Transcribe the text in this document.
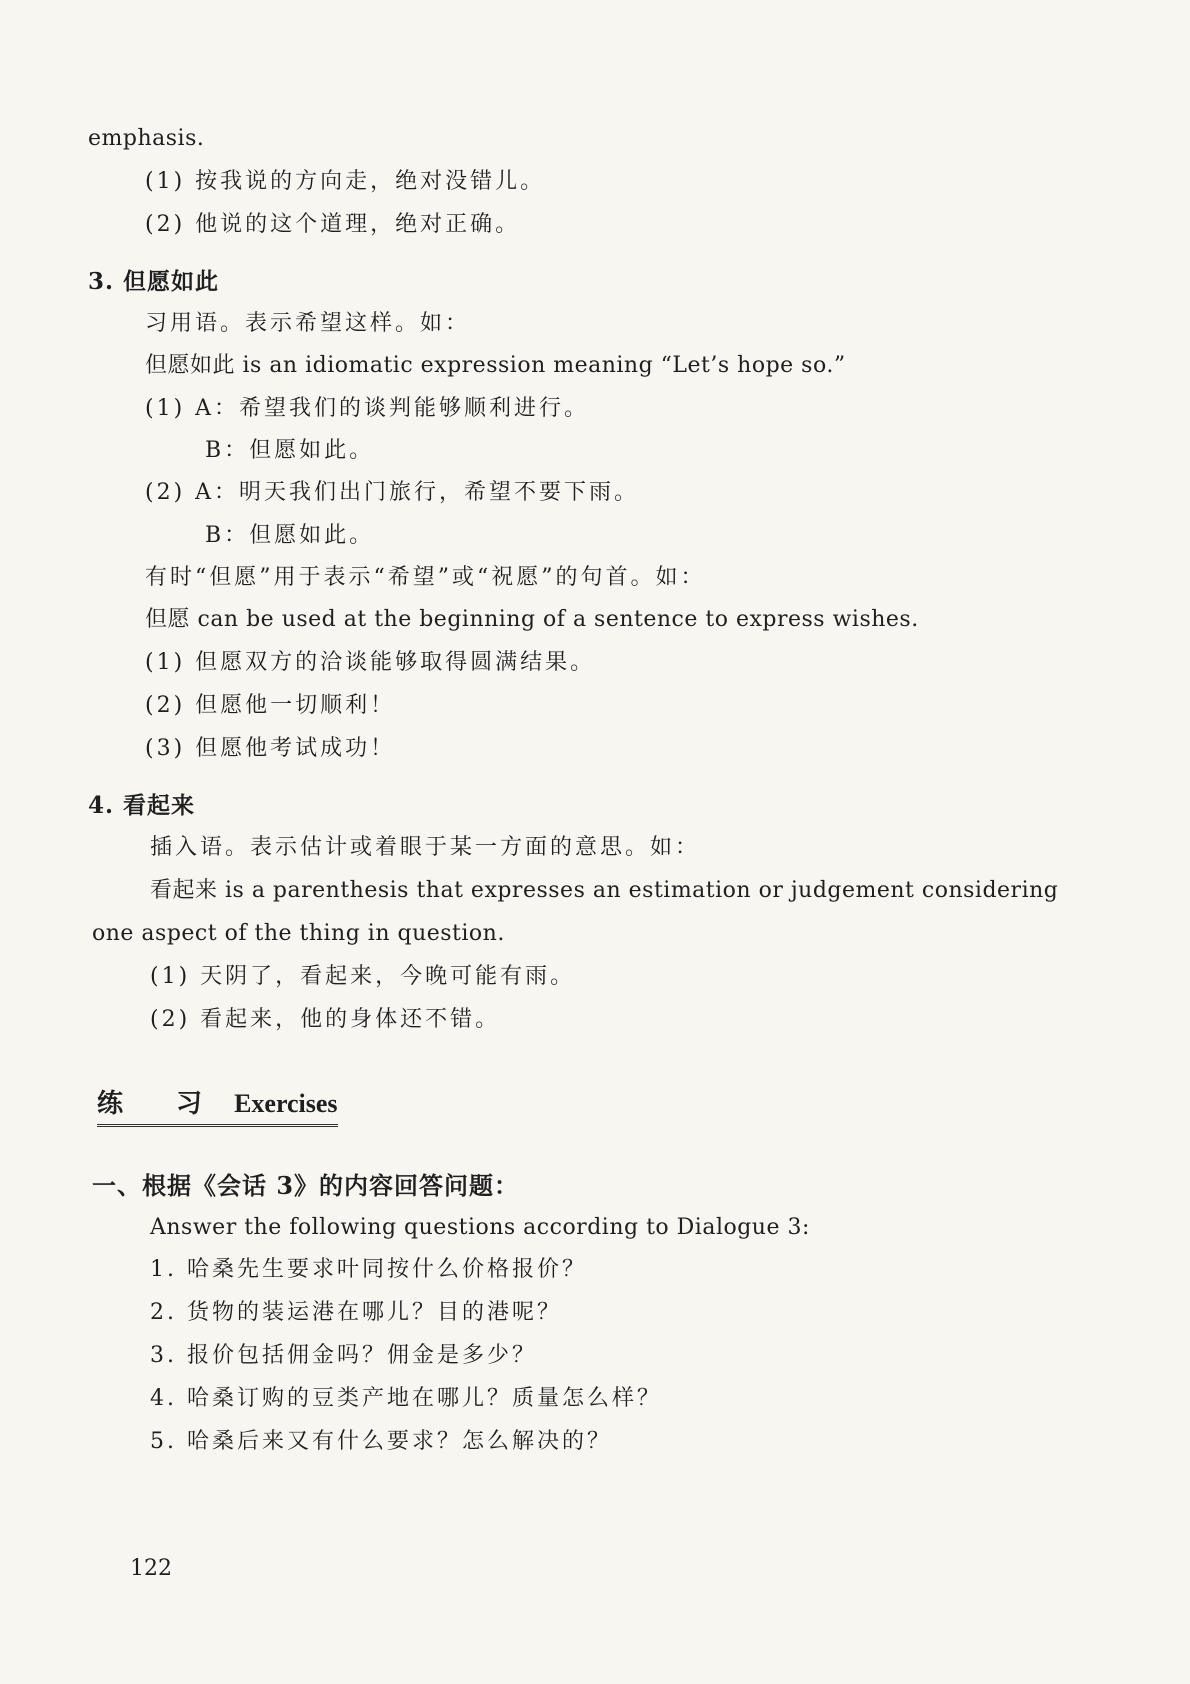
emphasis.
(1) 按我说的方向走，绝对没错儿。
(2) 他说的这个道理，绝对正确。
3. 但愿如此
习用语。表示希望这样。如：
但愿如此 is an idiomatic expression meaning “Let’s hope so.”
(1) A：希望我们的谈判能够顺利进行。
B：但愿如此。
(2) A：明天我们出门旅行，希望不要下雨。
B：但愿如此。
有时“但愿”用于表示“希望”或“祝愿”的句首。如：
但愿 can be used at the beginning of a sentence to express wishes.
(1) 但愿双方的洽谈能够取得圆满结果。
(2) 但愿他一切顺利！
(3) 但愿他考试成功！
4. 看起来
插入语。表示估计或着眼于某一方面的意思。如：
看起来 is a parenthesis that expresses an estimation or judgement considering
one aspect of the thing in question.
(1) 天阴了，看起来，今晚可能有雨。
(2) 看起来，他的身体还不错。
练 习 Exercises
一、根据《会话 3》的内容回答问题：
Answer the following questions according to Dialogue 3:
1. 哈桑先生要求叶同按什么价格报价？
2. 货物的装运港在哪儿？目的港呢？
3. 报价包括佣金吗？佣金是多少？
4. 哈桑订购的豆类产地在哪儿？质量怎么样？
5. 哈桑后来又有什么要求？怎么解决的？
122
